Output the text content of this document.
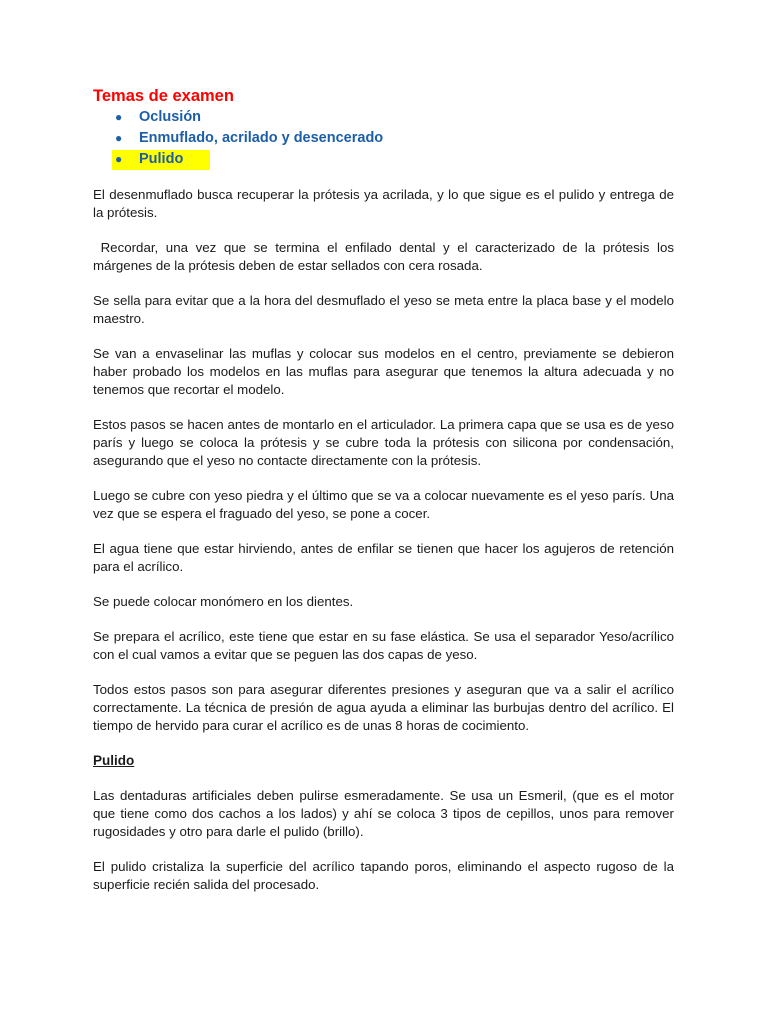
Temas de examen
● Oclusión
● Enmuflado, acrilado y desencerado
● Pulido

El desenmuflado busca recuperar la prótesis ya acrilada, y lo que sigue es el pulido y entrega de la prótesis.

Recordar, una vez que se termina el enfilado dental y el caracterizado de la prótesis los márgenes de la prótesis deben de estar sellados con cera rosada.

Se sella para evitar que a la hora del desmuflado el yeso se meta entre la placa base y el modelo maestro.

Se van a envaselinar las muflas y colocar sus modelos en el centro, previamente se debieron haber probado los modelos en las muflas para asegurar que tenemos la altura adecuada y no tenemos que recortar el modelo.

Estos pasos se hacen antes de montarlo en el articulador. La primera capa que se usa es de yeso parís y luego se coloca la prótesis y se cubre toda la prótesis con silicona por condensación, asegurando que el yeso no contacte directamente con la prótesis.

Luego se cubre con yeso piedra y el último que se va a colocar nuevamente es el yeso parís. Una vez que se espera el fraguado del yeso, se pone a cocer.

El agua tiene que estar hirviendo, antes de enfilar se tienen que hacer los agujeros de retención para el acrílico.

Se puede colocar monómero en los dientes.

Se prepara el acrílico, este tiene que estar en su fase elástica. Se usa el separador Yeso/acrílico con el cual vamos a evitar que se peguen las dos capas de yeso.

Todos estos pasos son para asegurar diferentes presiones y aseguran que va a salir el acrílico correctamente. La técnica de presión de agua ayuda a eliminar las burbujas dentro del acrílico. El tiempo de hervido para curar el acrílico es de unas 8 horas de cocimiento.

Pulido

Las dentaduras artificiales deben pulirse esmeradamente. Se usa un Esmeril, (que es el motor que tiene como dos cachos a los lados) y ahí se coloca 3 tipos de cepillos, unos para remover rugosidades y otro para darle el pulido (brillo).

El pulido cristaliza la superficie del acrílico tapando poros, eliminando el aspecto rugoso de la superficie recién salida del procesado.
